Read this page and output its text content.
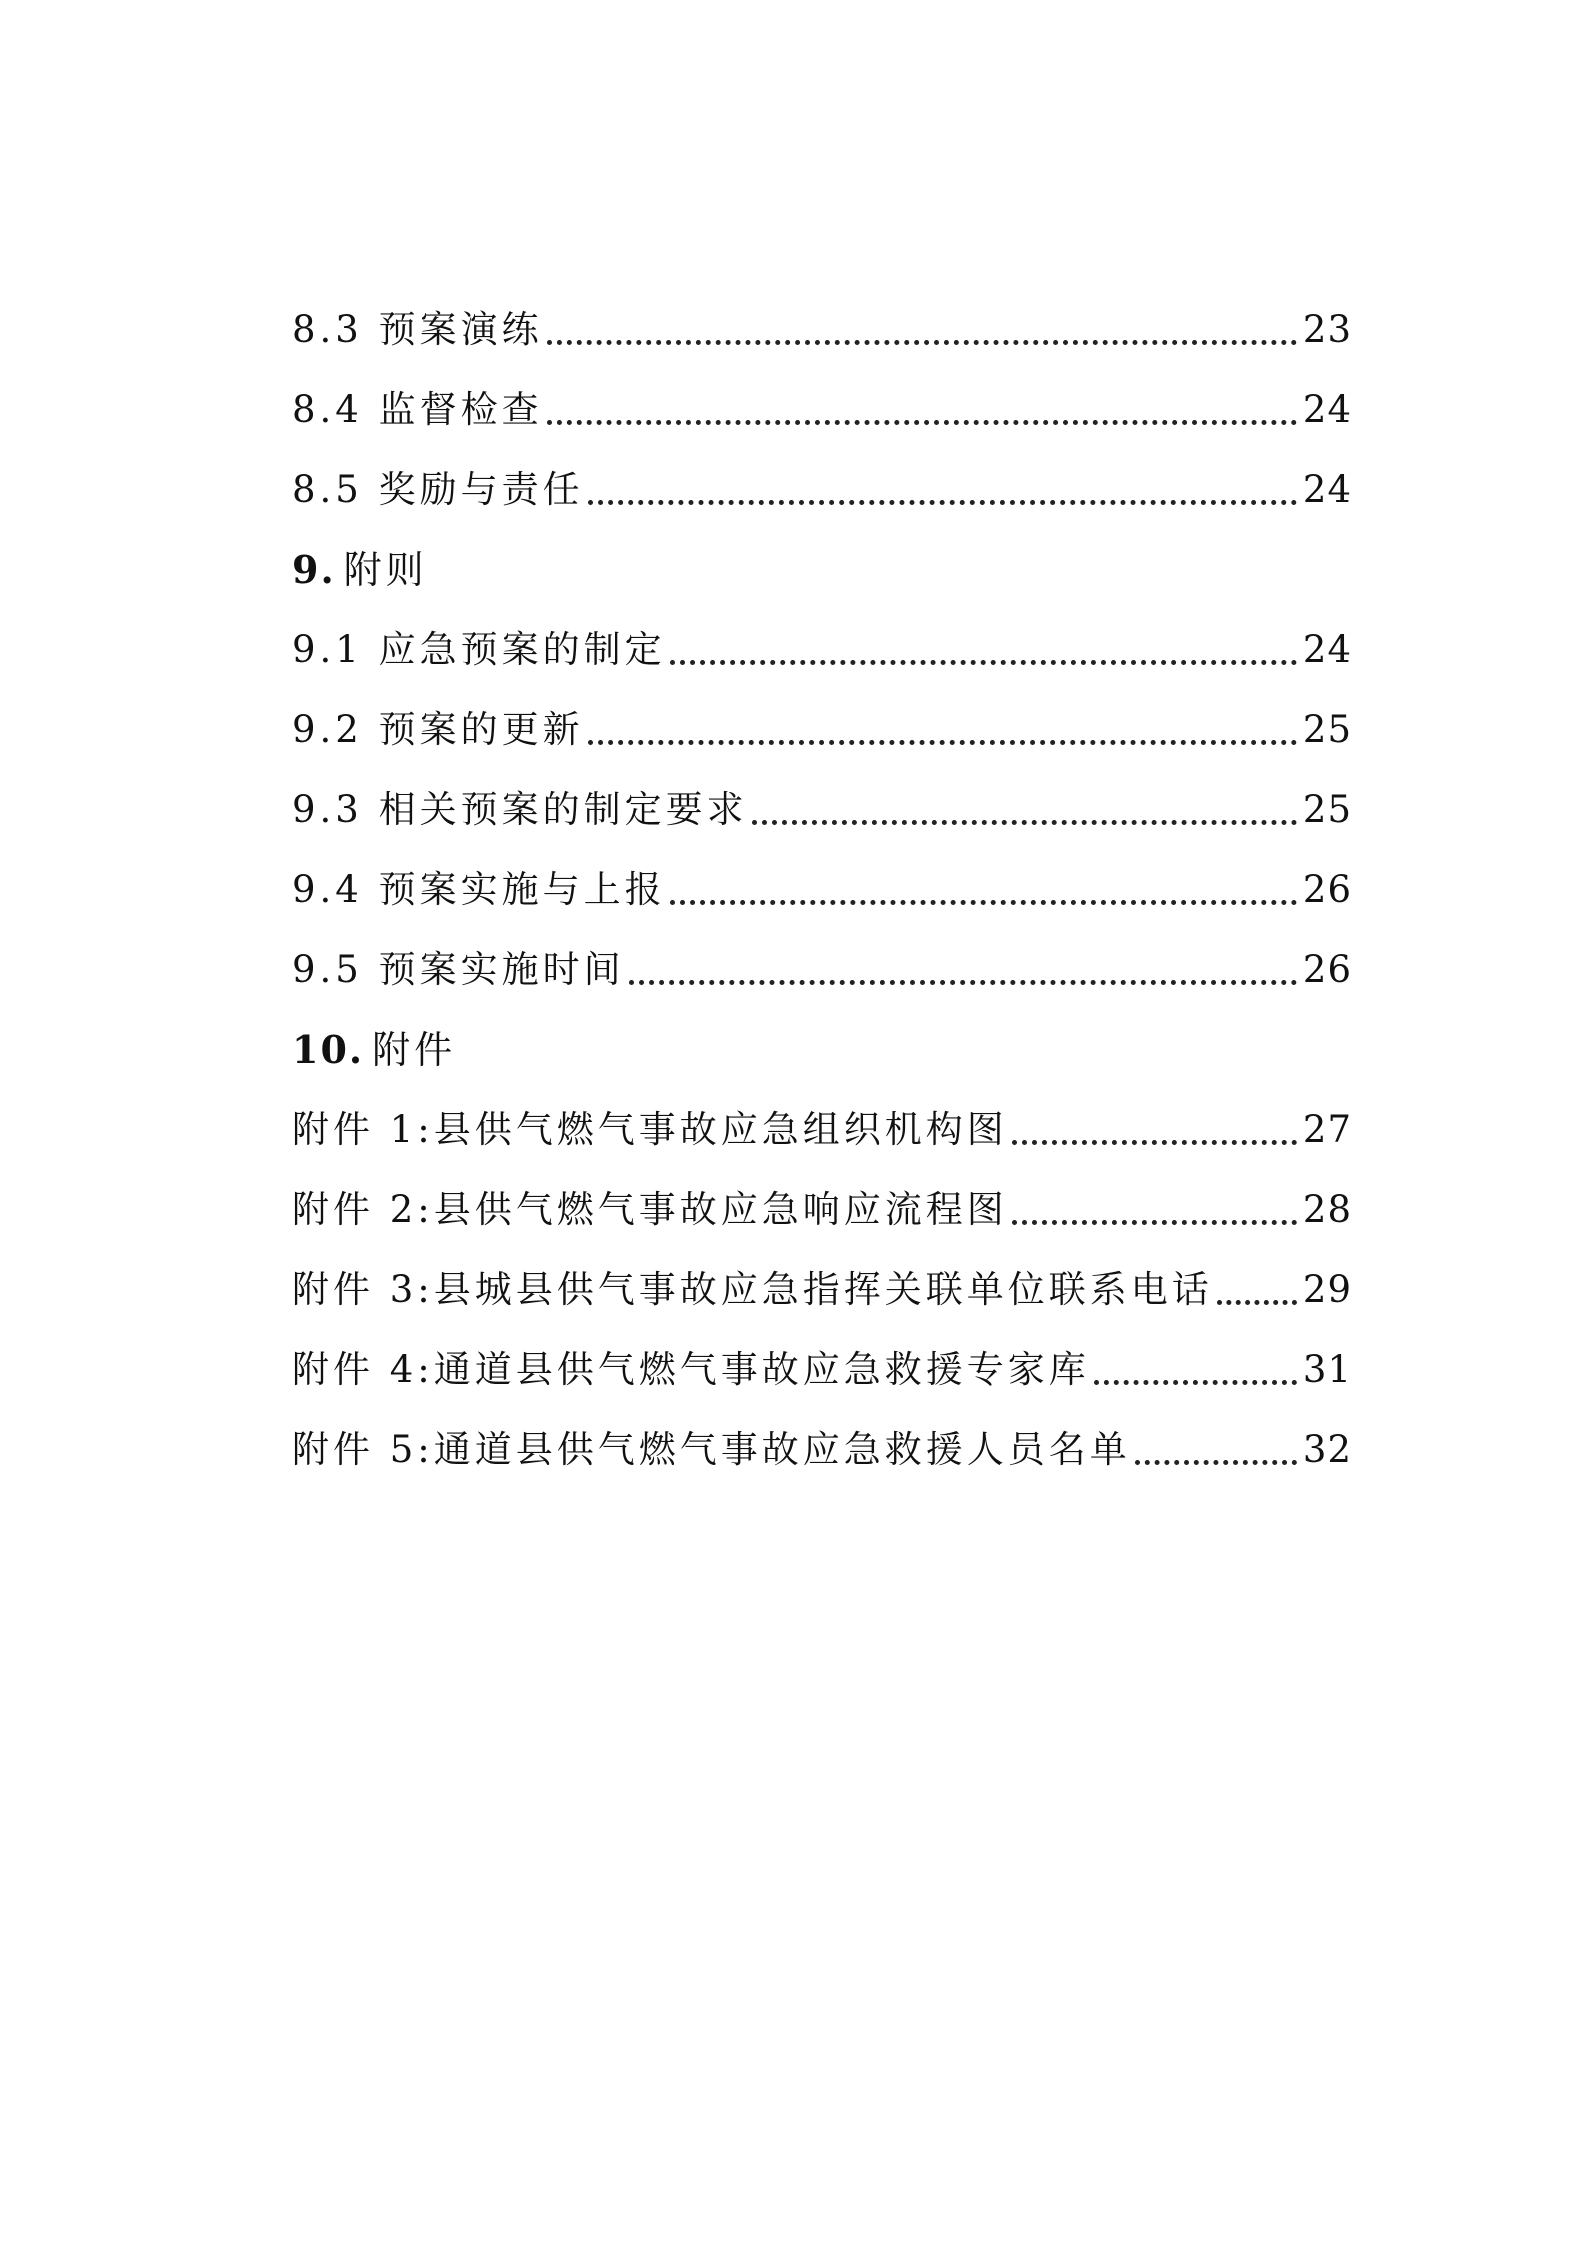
8.3 预案演练	23
8.4 监督检查	24
8.5 奖励与责任	24
9. 附则
9.1 应急预案的制定	24
9.2 预案的更新	25
9.3 相关预案的制定要求	25
9.4 预案实施与上报	26
9.5 预案实施时间	26
10. 附件
附件 1:县供气燃气事故应急组织机构图	27
附件 2:县供气燃气事故应急响应流程图	28
附件 3:县城县供气事故应急指挥关联单位联系电话 29
附件 4:通道县供气燃气事故应急救援专家库	31
附件 5:通道县供气燃气事故应急救援人员名单	32
